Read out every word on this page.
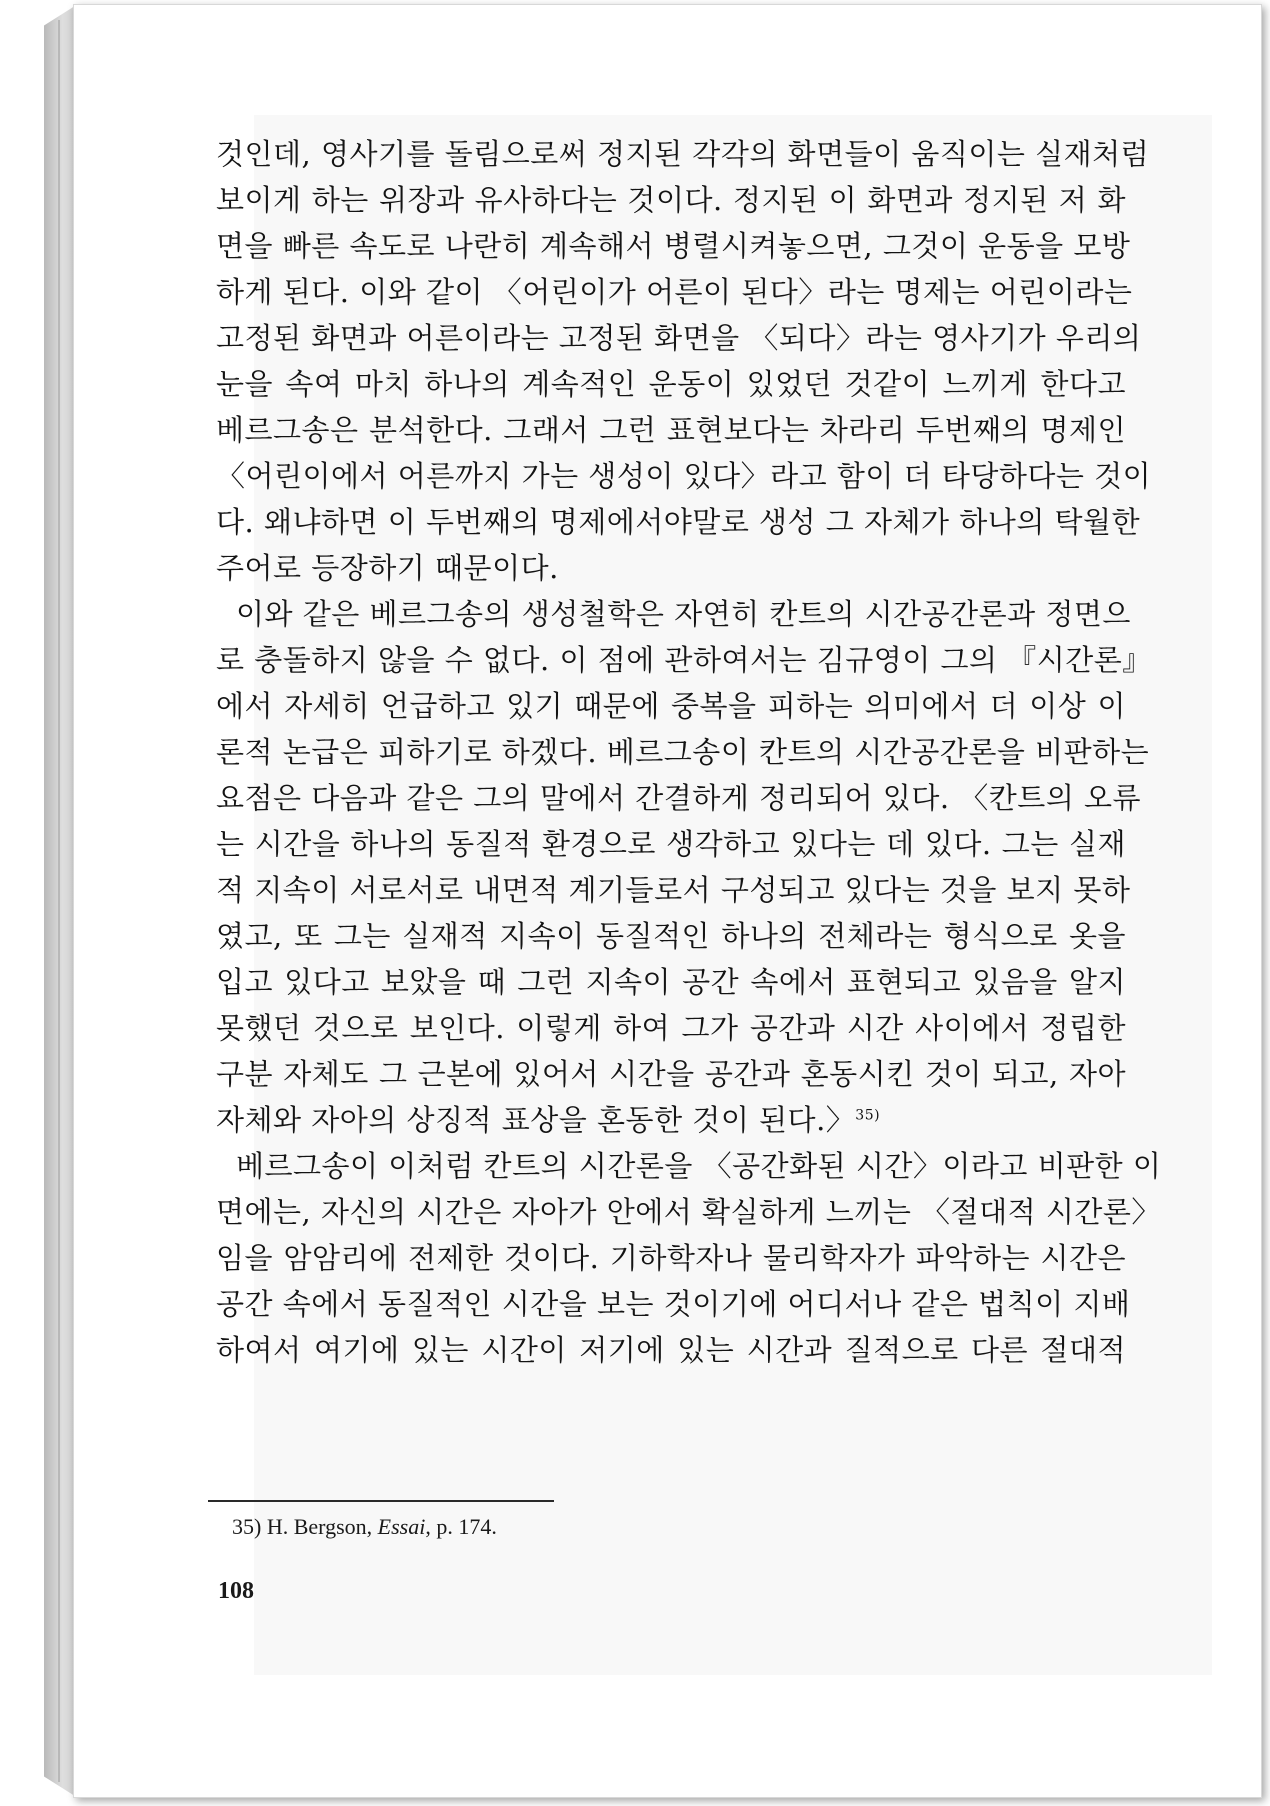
것인데, 영사기를 돌림으로써 정지된 각각의 화면들이 움직이는 실재처럼
보이게 하는 위장과 유사하다는 것이다. 정지된 이 화면과 정지된 저 화
면을 빠른 속도로 나란히 계속해서 병렬시켜놓으면, 그것이 운동을 모방
하게 된다. 이와 같이 〈어린이가 어른이 된다〉라는 명제는 어린이라는
고정된 화면과 어른이라는 고정된 화면을 〈되다〉라는 영사기가 우리의
눈을 속여 마치 하나의 계속적인 운동이 있었던 것같이 느끼게 한다고
베르그송은 분석한다. 그래서 그런 표현보다는 차라리 두번째의 명제인
〈어린이에서 어른까지 가는 생성이 있다〉라고 함이 더 타당하다는 것이
다. 왜냐하면 이 두번째의 명제에서야말로 생성 그 자체가 하나의 탁월한
주어로 등장하기 때문이다.
이와 같은 베르그송의 생성철학은 자연히 칸트의 시간공간론과 정면으
로 충돌하지 않을 수 없다. 이 점에 관하여서는 김규영이 그의 『시간론』
에서 자세히 언급하고 있기 때문에 중복을 피하는 의미에서 더 이상 이
론적 논급은 피하기로 하겠다. 베르그송이 칸트의 시간공간론을 비판하는
요점은 다음과 같은 그의 말에서 간결하게 정리되어 있다. 〈칸트의 오류
는 시간을 하나의 동질적 환경으로 생각하고 있다는 데 있다. 그는 실재
적 지속이 서로서로 내면적 계기들로서 구성되고 있다는 것을 보지 못하
였고, 또 그는 실재적 지속이 동질적인 하나의 전체라는 형식으로 옷을
입고 있다고 보았을 때 그런 지속이 공간 속에서 표현되고 있음을 알지
못했던 것으로 보인다. 이렇게 하여 그가 공간과 시간 사이에서 정립한
구분 자체도 그 근본에 있어서 시간을 공간과 혼동시킨 것이 되고, 자아
자체와 자아의 상징적 표상을 혼동한 것이 된다.〉$^{35)}$
베르그송이 이처럼 칸트의 시간론을 〈공간화된 시간〉이라고 비판한 이
면에는, 자신의 시간은 자아가 안에서 확실하게 느끼는 〈절대적 시간론〉
임을 암암리에 전제한 것이다. 기하학자나 물리학자가 파악하는 시간은
공간 속에서 동질적인 시간을 보는 것이기에 어디서나 같은 법칙이 지배
하여서 여기에 있는 시간이 저기에 있는 시간과 질적으로 다른 절대적
35) H. Bergson, Essai, p. 174.
108
